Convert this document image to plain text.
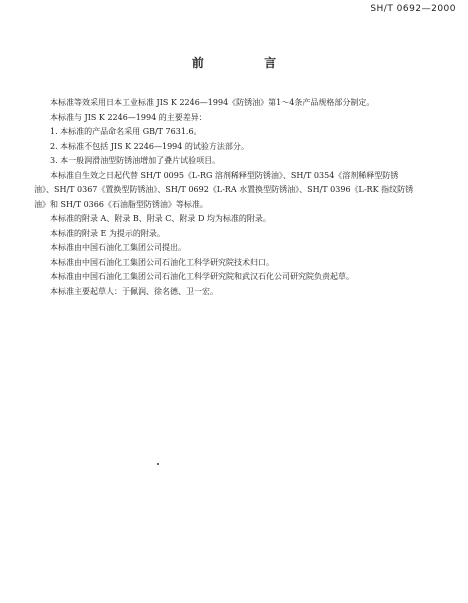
SH/T 0692—2000
前 言

本标准等效采用日本工业标准 JIS K 2246—1994《防锈油》第1～4条产品规格部分制定。

本标准与 JIS K 2246—1994 的主要差异：

1. 本标准的产品命名采用 GB/T 7631.6。

2. 本标准不包括 JIS K 2246—1994 的试验方法部分。

3. 本一般润滑油型防锈油增加了叠片试验项目。

本标准自生效之日起代替 SH/T 0095《L-RG 溶剂稀释型防锈油》、SH/T 0354《溶剂稀释型防锈油》、SH/T 0367《置换型防锈油》、SH/T 0692《L-RA 水置换型防锈油》、SH/T 0396《L-RK 指纹防锈油》和 SH/T 0366《石油脂型防锈油》等标准。

本标准的附录 A、附录 B、附录 C、附录 D 均为标准的附录。

本标准的附录 E 为提示的附录。

本标准由中国石油化工集团公司提出。

本标准由中国石油化工集团公司石油化工科学研究院技术归口。

本标准由中国石油化工集团公司石油化工科学研究院和武汉石化公司研究院负责起草。

本标准主要起草人：于佩润、徐名德、卫一宏。
